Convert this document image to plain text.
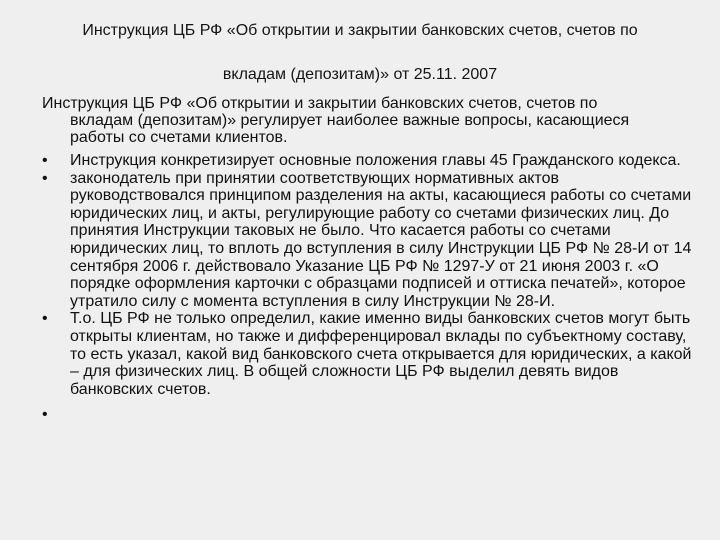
Инструкция ЦБ РФ «Об открытии и закрытии банковских счетов, счетов по
вкладам (депозитам)» от 25.11. 2007
Инструкция ЦБ РФ «Об открытии и закрытии банковских счетов, счетов по
вкладам (депозитам)» регулирует наиболее важные вопросы, касающиеся работы со счетами клиентов.
•	Инструкция конкретизирует основные положения главы 45 Гражданского кодекса.
•	законодатель при принятии соответствующих нормативных актов руководствовался принципом разделения на акты, касающиеся работы со счетами юридических лиц, и акты, регулирующие работу со счетами физических лиц. До принятия Инструкции таковых не было. Что касается работы со счетами юридических лиц, то вплоть до вступления в силу Инструкции ЦБ РФ № 28-И от 14 сентября 2006 г. действовало Указание ЦБ РФ № 1297-У от 21 июня 2003 г. «О порядке оформления карточки с образцами подписей и оттиска печатей», которое утратило силу с момента вступления в силу Инструкции № 28-И.
•	Т.о. ЦБ РФ не только определил, какие именно виды банковских счетов могут быть открыты клиентам, но также и дифференцировал вклады по субъектному составу, то есть указал, какой вид банковского счета открывается для юридических, а какой – для физических лиц. В общей сложности ЦБ РФ выделил девять видов банковских счетов.
•
